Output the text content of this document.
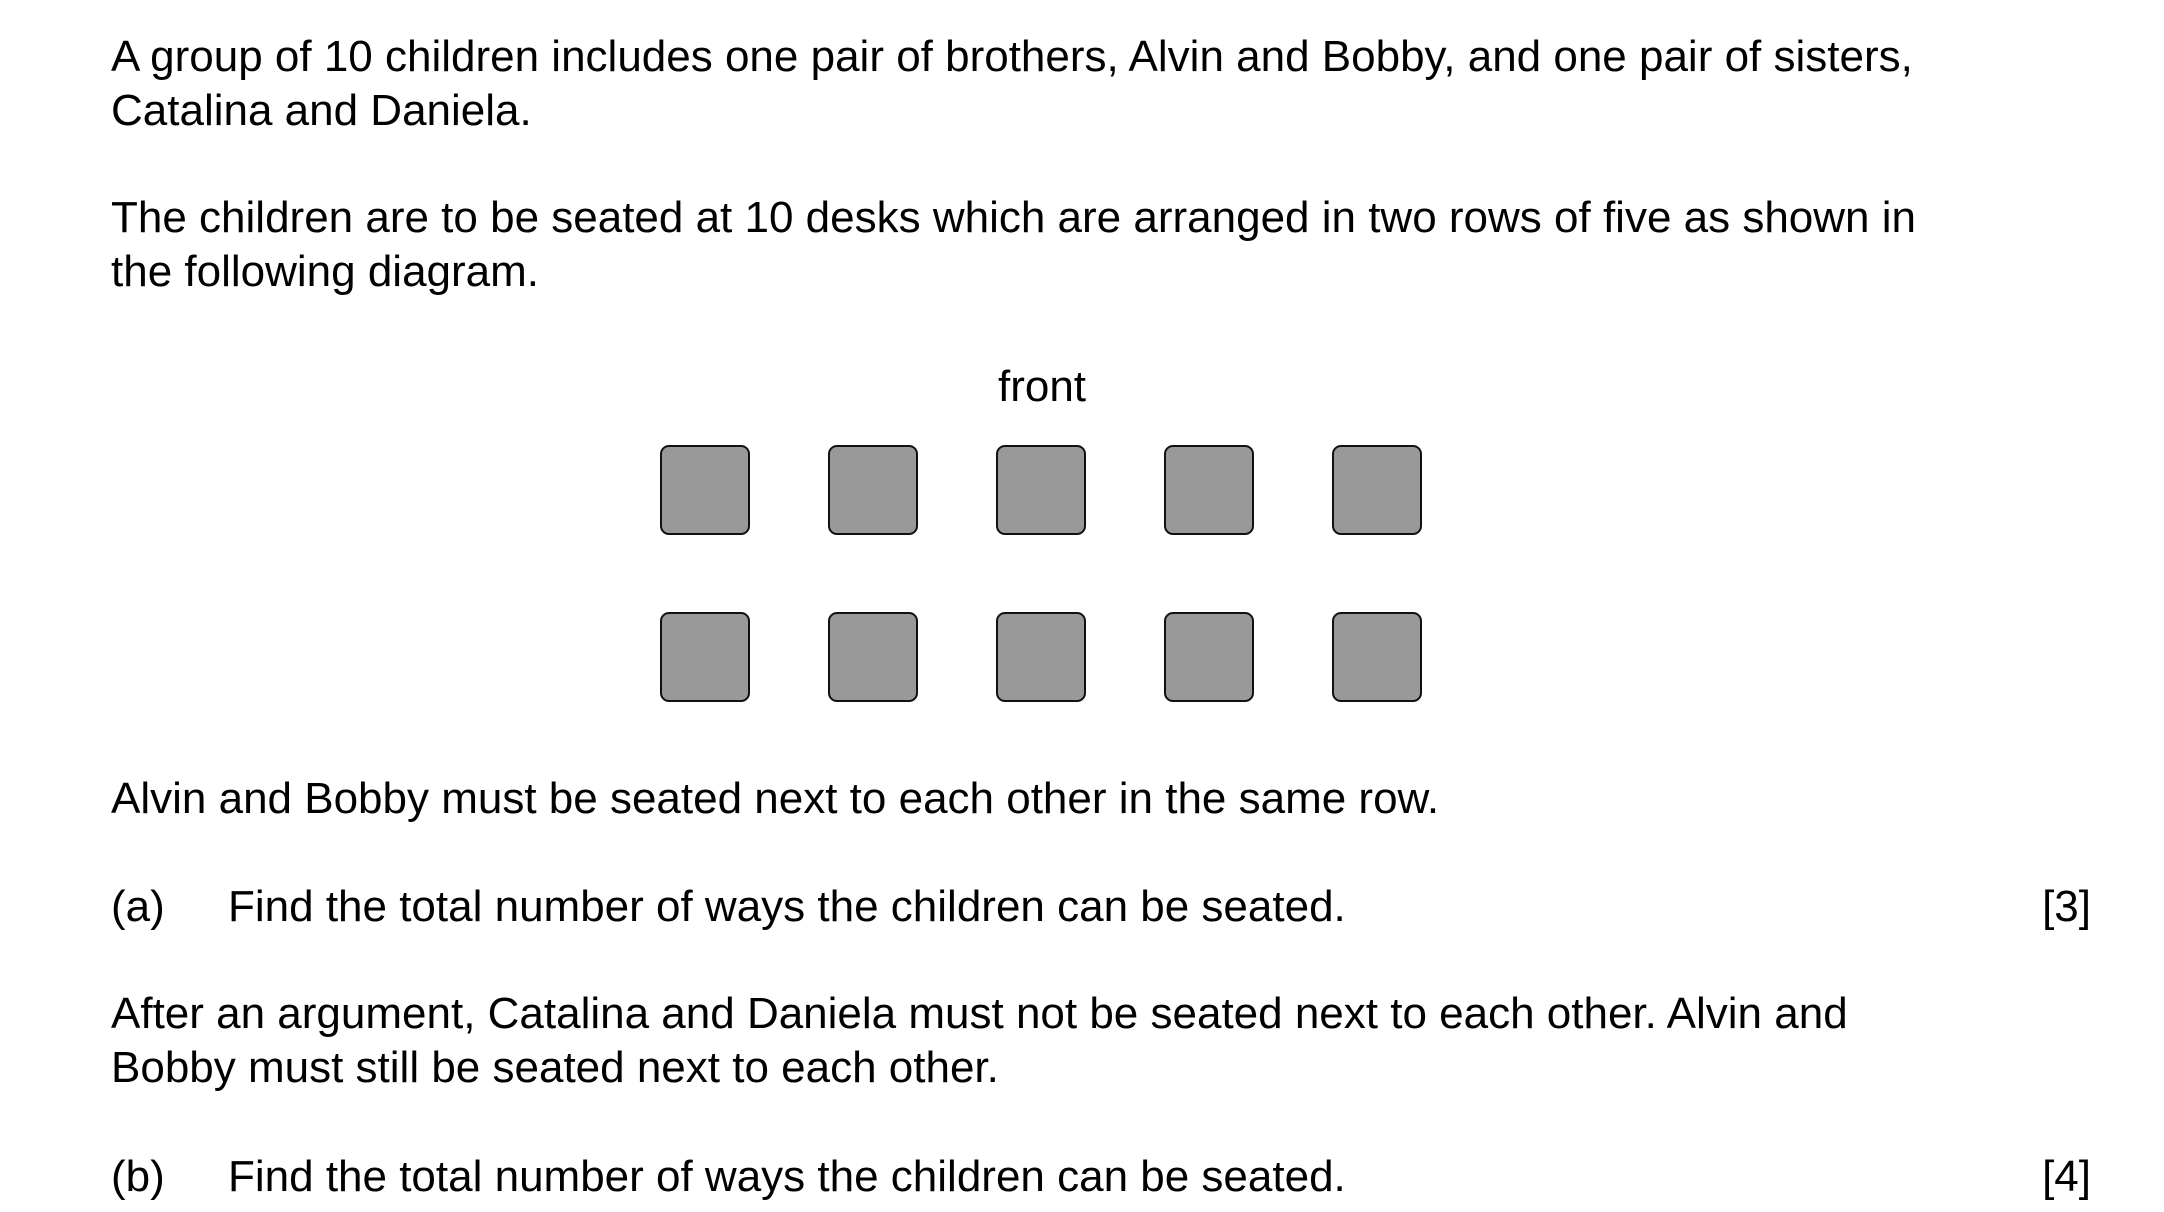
A group of 10 children includes one pair of brothers, Alvin and Bobby, and one pair of sisters,
Catalina and Daniela.

The children are to be seated at 10 desks which are arranged in two rows of five as shown in
the following diagram.

front

Alvin and Bobby must be seated next to each other in the same row.

(a) Find the total number of ways the children can be seated.	[3]

After an argument, Catalina and Daniela must not be seated next to each other. Alvin and
Bobby must still be seated next to each other.

(b) Find the total number of ways the children can be seated.	[4]
